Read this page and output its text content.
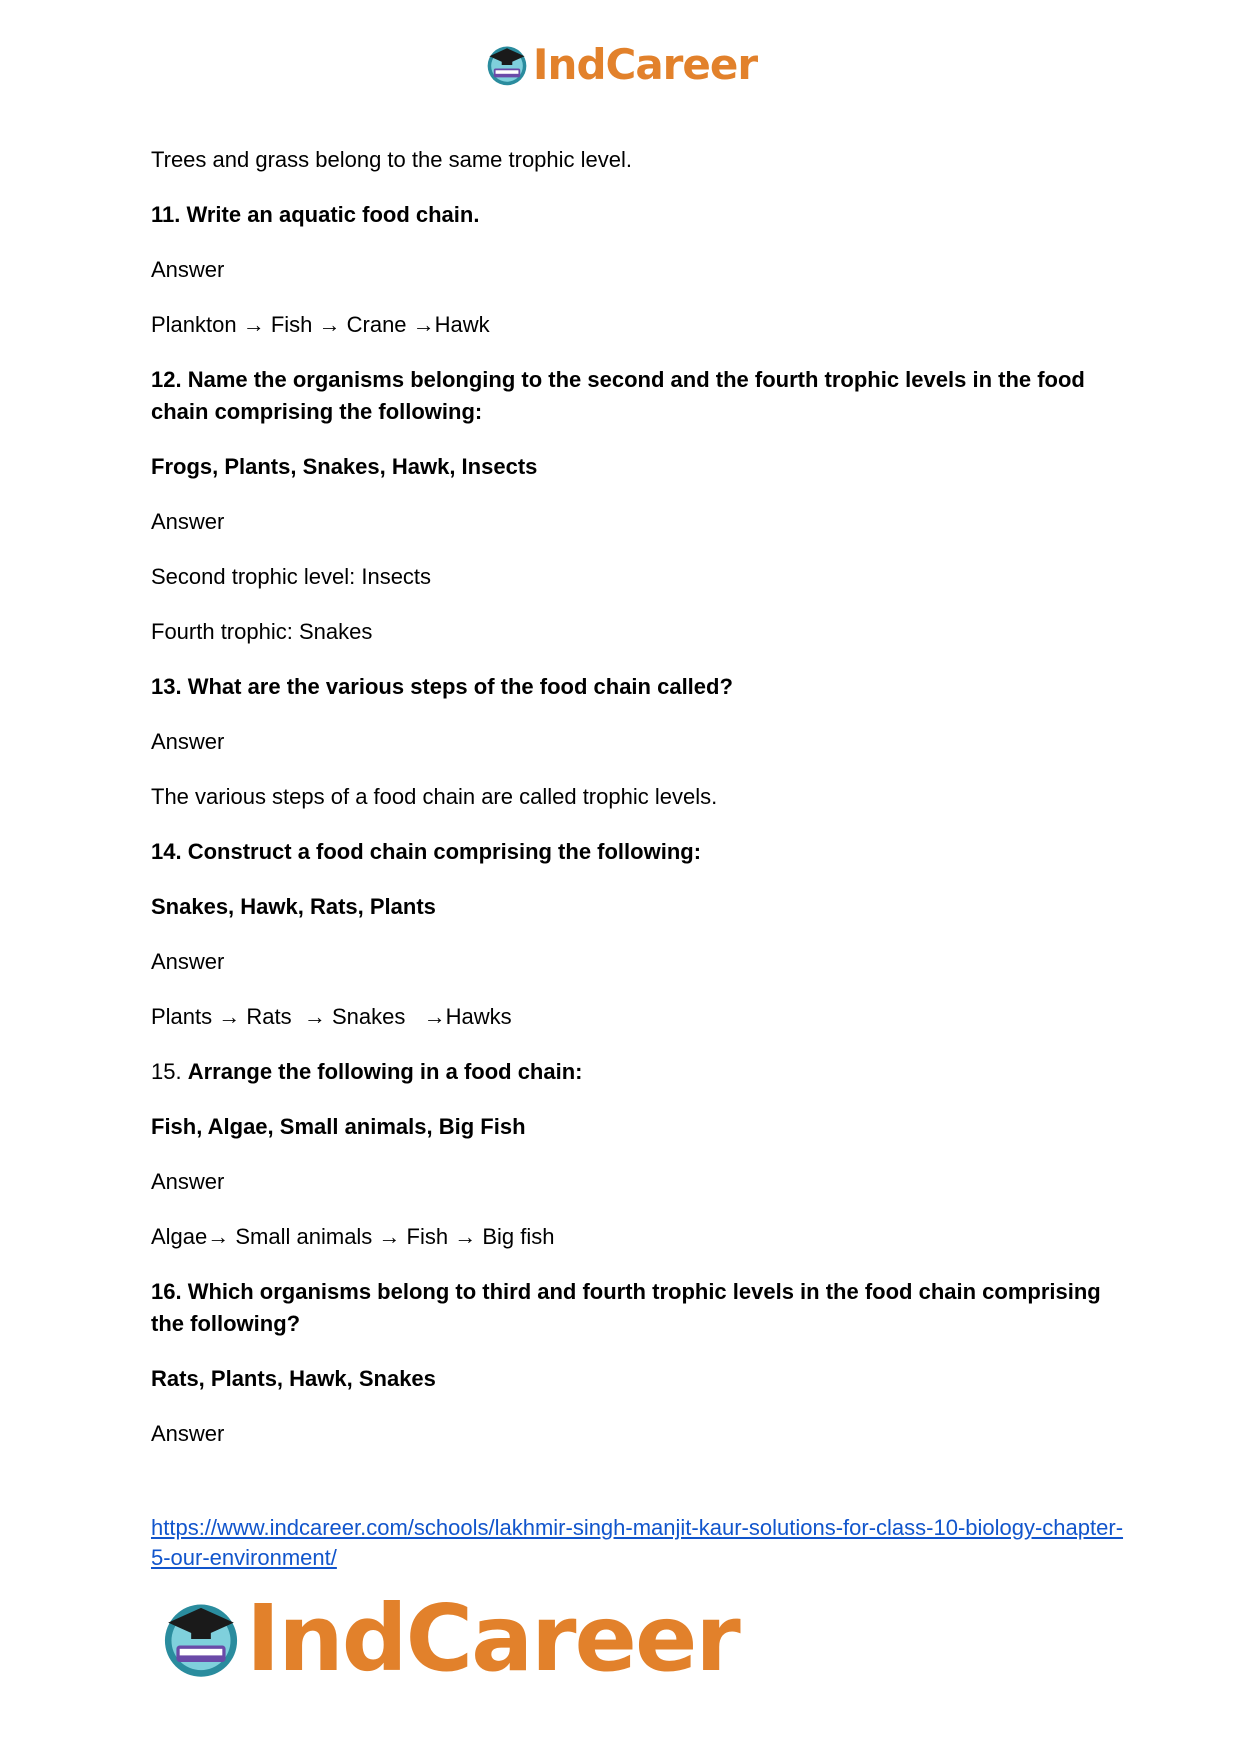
IndCareer

Trees and grass belong to the same trophic level.

11. Write an aquatic food chain.

Answer

Plankton → Fish → Crane →Hawk

12. Name the organisms belonging to the second and the fourth trophic levels in the food chain comprising the following:

Frogs, Plants, Snakes, Hawk, Insects

Answer

Second trophic level: Insects

Fourth trophic: Snakes

13. What are the various steps of the food chain called?

Answer

The various steps of a food chain are called trophic levels.

14. Construct a food chain comprising the following:

Snakes, Hawk, Rats, Plants

Answer

Plants → Rats  → Snakes   →Hawks

15. Arrange the following in a food chain:

Fish, Algae, Small animals, Big Fish

Answer

Algae→ Small animals → Fish → Big fish

16. Which organisms belong to third and fourth trophic levels in the food chain comprising the following?

Rats, Plants, Hawk, Snakes

Answer

https://www.indcareer.com/schools/lakhmir-singh-manjit-kaur-solutions-for-class-10-biology-chapter-5-our-environment/
IndCareer
